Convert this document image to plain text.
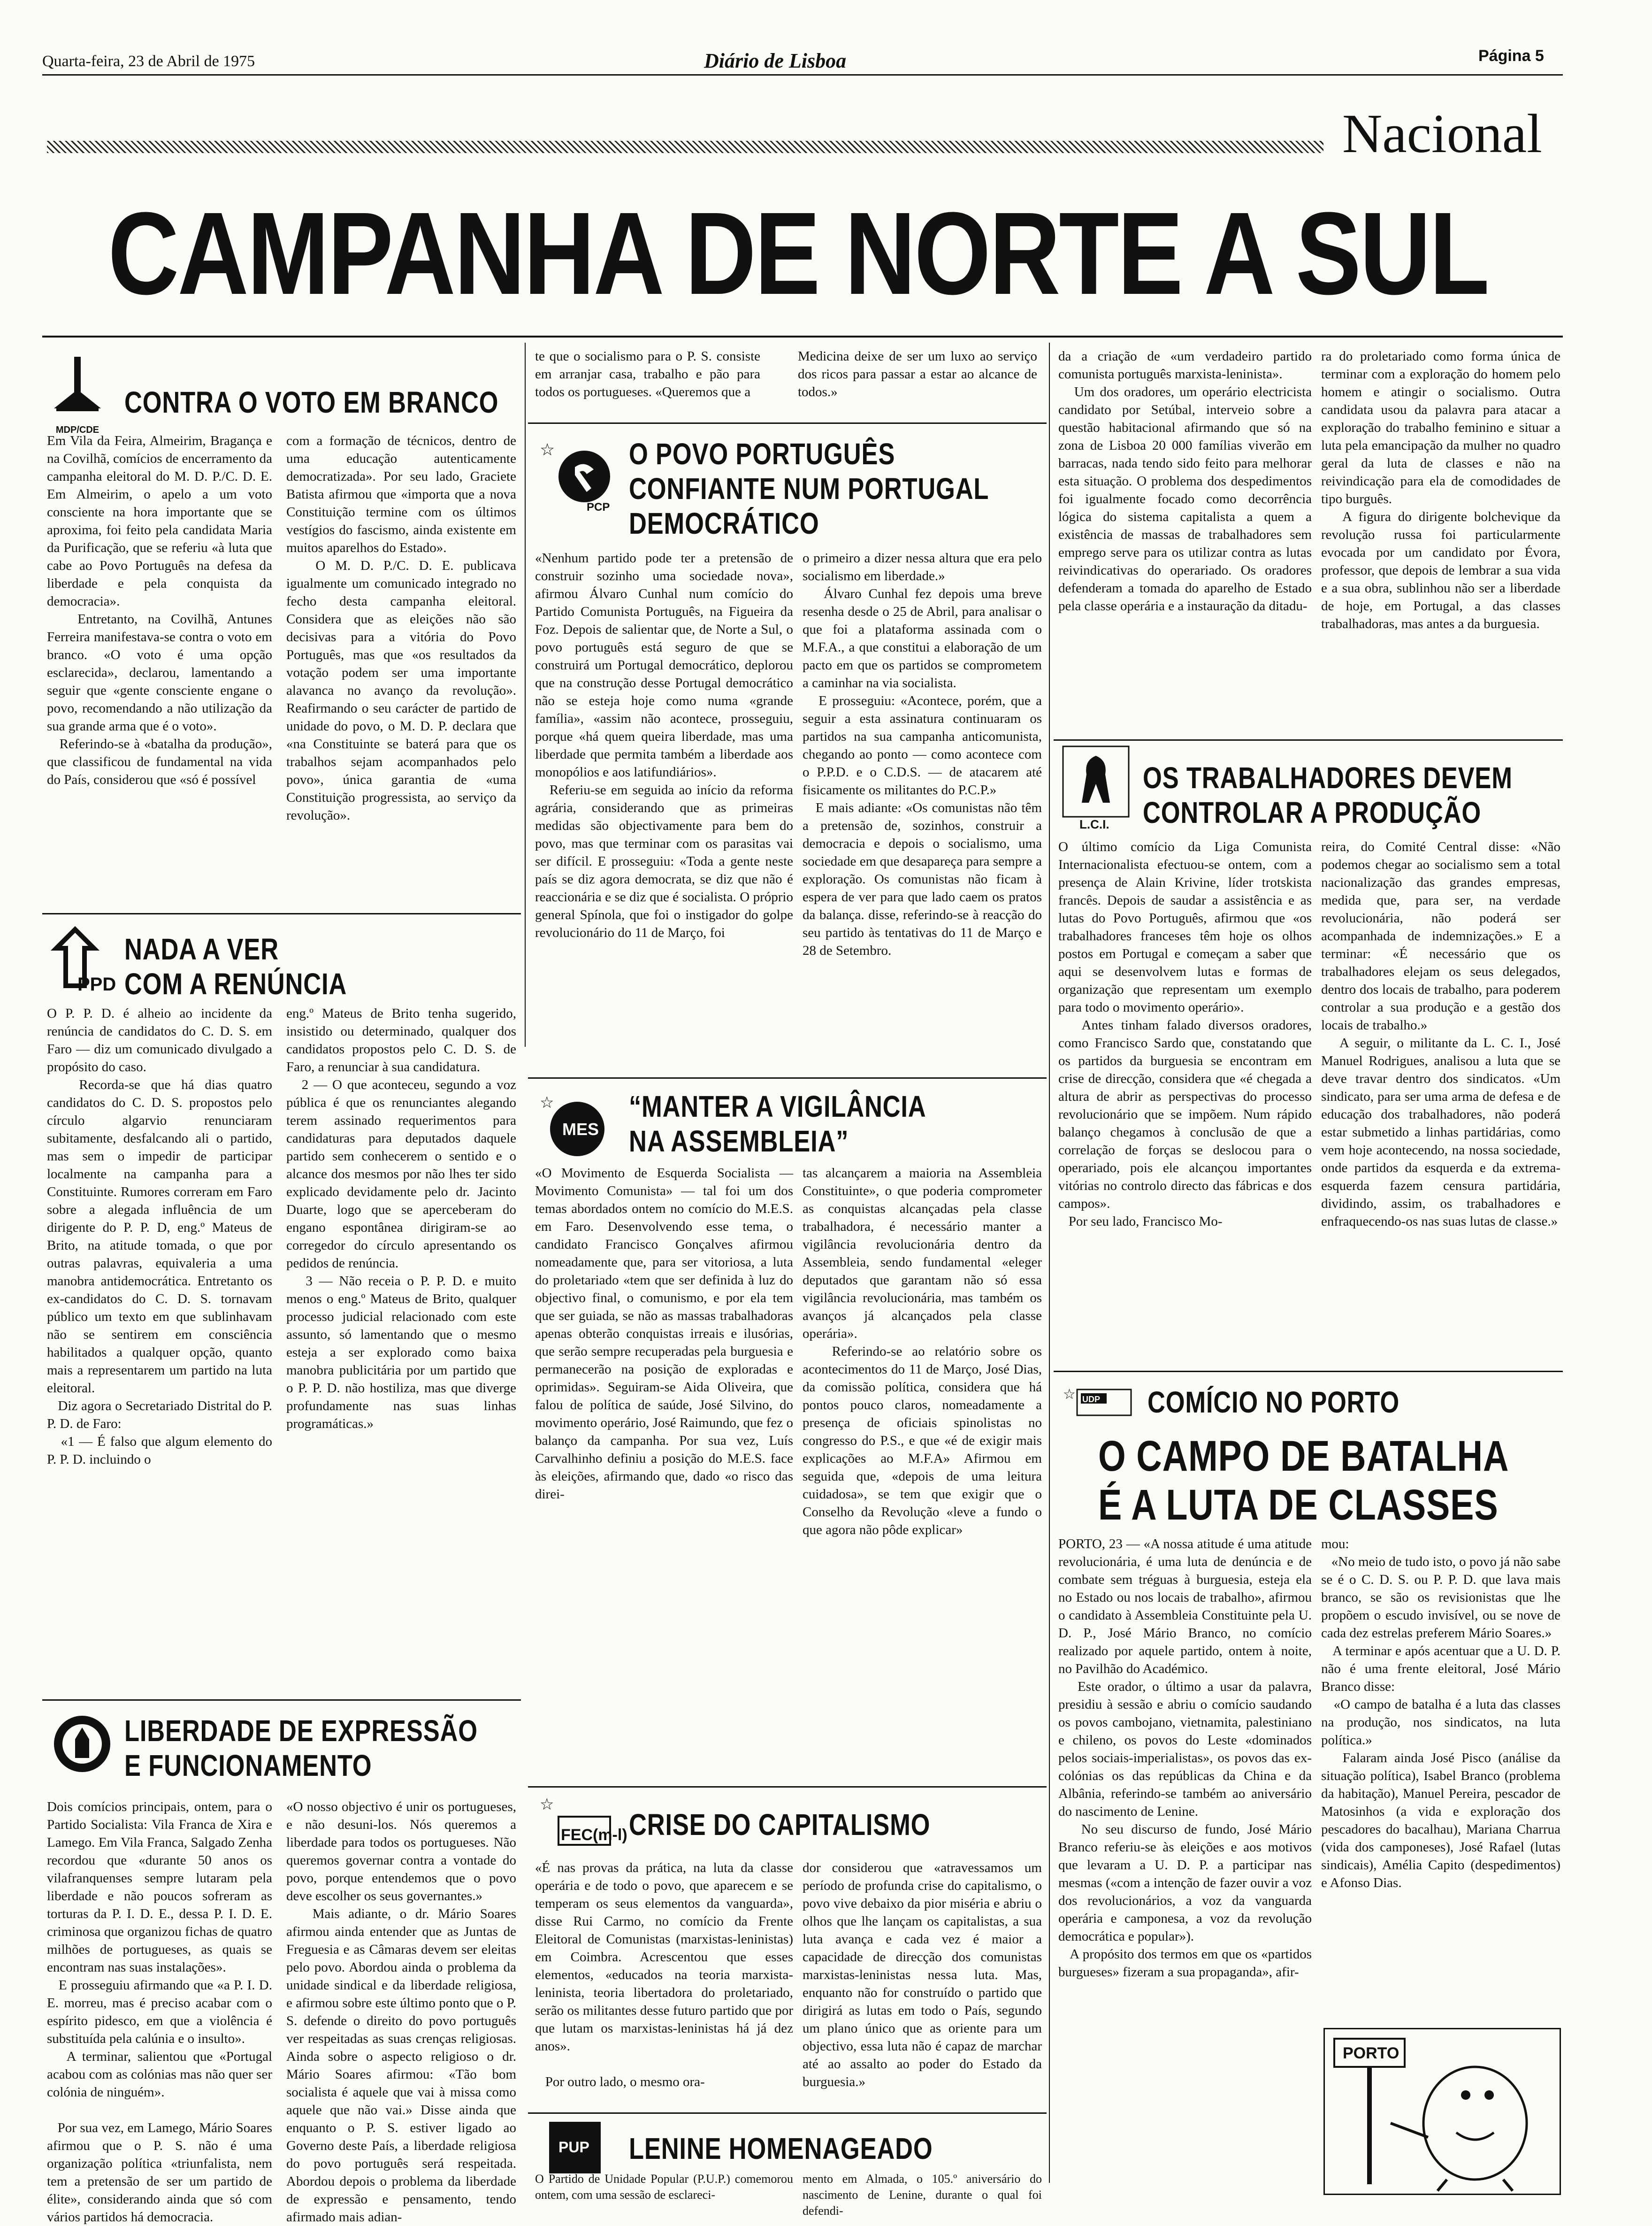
Quarta-feira, 23 de Abril de 1975	Diário de Lisboa	Página 5
Nacional
CAMPANHA DE NORTE A SUL
MDP/CDE
CONTRA O VOTO EM BRANCO
Em Vila da Feira, Almeirim, Bragança e na Covilhã, comícios de encerramento da campanha eleitoral do M. D. P./C. D. E. Em Almeirim, o apelo a um voto consciente na hora importante que se aproxima, foi feito pela candidata Maria da Purificação, que se referiu «à luta que cabe ao Povo Português na defesa da liberdade e pela conquista da democracia».
Entretanto, na Covilhã, Antunes Ferreira manifestava-se contra o voto em branco. «O voto é uma opção esclarecida», declarou, lamentando a seguir que «gente consciente engane o povo, recomendando a não utilização da sua grande arma que é o voto».
Referindo-se à «batalha da produção», que classificou de fundamental na vida do País, considerou que «só é possível
com a formação de técnicos, dentro de uma educação autenticamente democratizada». Por seu lado, Graciete Batista afirmou que «importa que a nova Constituição termine com os últimos vestígios do fascismo, ainda existente em muitos aparelhos do Estado».
O M. D. P./C. D. E. publicava igualmente um comunicado integrado no fecho desta campanha eleitoral. Considera que as eleições não são decisivas para a vitória do Povo Português, mas que «os resultados da votação podem ser uma importante alavanca no avanço da revolução». Reafirmando o seu carácter de partido de unidade do povo, o M. D. P. declara que «na Constituinte se baterá para que os trabalhos sejam acompanhados pelo povo», única garantia de «uma Constituição progressista, ao serviço da revolução».
PPD
NADA A VER
COM A RENÚNCIA
O P. P. D. é alheio ao incidente da renúncia de candidatos do C. D. S. em Faro — diz um comunicado divulgado a propósito do caso.
Recorda-se que há dias quatro candidatos do C. D. S. propostos pelo círculo algarvio renunciaram subitamente, desfalcando ali o partido, mas sem o impedir de participar localmente na campanha para a Constituinte. Rumores correram em Faro sobre a alegada influência de um dirigente do P. P. D, eng.º Mateus de Brito, na atitude tomada, o que por outras palavras, equivaleria a uma manobra antidemocrática. Entretanto os ex-candidatos do C. D. S. tornavam público um texto em que sublinhavam não se sentirem em consciência habilitados a qualquer opção, quanto mais a representarem um partido na luta eleitoral.
Diz agora o Secretariado Distrital do P. P. D. de Faro:
«1 — É falso que algum elemento do P. P. D. incluindo o
eng.º Mateus de Brito tenha sugerido, insistido ou determinado, qualquer dos candidatos propostos pelo C. D. S. de Faro, a renunciar à sua candidatura.
2 — O que aconteceu, segundo a voz pública é que os renunciantes alegando terem assinado requerimentos para candidaturas para deputados daquele partido sem conhecerem o sentido e o alcance dos mesmos por não lhes ter sido explicado devidamente pelo dr. Jacinto Duarte, logo que se aperceberam do engano espontânea dirigiram-se ao corregedor do círculo apresentando os pedidos de renúncia.
3 — Não receia o P. P. D. e muito menos o eng.º Mateus de Brito, qualquer processo judicial relacionado com este assunto, só lamentando que o mesmo esteja a ser explorado como baixa manobra publicitária por um partido que o P. P. D. não hostiliza, mas que diverge profundamente nas suas linhas programáticas.»
LIBERDADE DE EXPRESSÃO
E FUNCIONAMENTO
Dois comícios principais, ontem, para o Partido Socialista: Vila Franca de Xira e Lamego. Em Vila Franca, Salgado Zenha recordou que «durante 50 anos os vilafranquenses sempre lutaram pela liberdade e não poucos sofreram as torturas da P. I. D. E., dessa P. I. D. E. criminosa que organizou fichas de quatro milhões de portugueses, as quais se encontram nas suas instalações».
E prosseguiu afirmando que «a P. I. D. E. morreu, mas é preciso acabar com o espírito pidesco, em que a violência é substituída pela calúnia e o insulto».
A terminar, salientou que «Portugal acabou com as colónias mas não quer ser colónia de ninguém».

Por sua vez, em Lamego, Mário Soares afirmou que o P. S. não é uma organização política «triunfalista, nem tem a pretensão de ser um partido de élite», considerando ainda que só com vários partidos há democracia.
«O nosso objectivo é unir os portugueses, e não desuni-los. Nós queremos a liberdade para todos os portugueses. Não queremos governar contra a vontade do povo, porque entendemos que o povo deve escolher os seus governantes.»
Mais adiante, o dr. Mário Soares afirmou ainda entender que as Juntas de Freguesia e as Câmaras devem ser eleitas pelo povo. Abordou ainda o problema da unidade sindical e da liberdade religiosa, e afirmou sobre este último ponto que o P. S. defende o direito do povo português ver respeitadas as suas crenças religiosas. Ainda sobre o aspecto religioso o dr. Mário Soares afirmou: «Tão bom socialista é aquele que vai à missa como aquele que não vai.» Disse ainda que enquanto o P. S. estiver ligado ao Governo deste País, a liberdade religiosa do povo português será respeitada. Abordou depois o problema da liberdade de expressão e pensamento, tendo afirmado mais adian-
te que o socialismo para o P. S. consiste em arranjar casa, trabalho e pão para todos os portugueses. «Queremos que a
Medicina deixe de ser um luxo ao serviço dos ricos para passar a estar ao alcance de todos.»
☆
PCP
O POVO PORTUGUÊS
CONFIANTE NUM PORTUGAL
DEMOCRÁTICO
«Nenhum partido pode ter a pretensão de construir sozinho uma sociedade nova», afirmou Álvaro Cunhal num comício do Partido Comunista Português, na Figueira da Foz. Depois de salientar que, de Norte a Sul, o povo português está seguro de que se construirá um Portugal democrático, deplorou que na construção desse Portugal democrático não se esteja hoje como numa «grande família», «assim não acontece, prosseguiu, porque «há quem queira liberdade, mas uma liberdade que permita também a liberdade aos monopólios e aos latifundiários».
Referiu-se em seguida ao início da reforma agrária, considerando que as primeiras medidas são objectivamente para bem do povo, mas que terminar com os parasitas vai ser difícil. E prosseguiu: «Toda a gente neste país se diz agora democrata, se diz que não é reaccionária e se diz que é socialista. O próprio general Spínola, que foi o instigador do golpe revolucionário do 11 de Março, foi
o primeiro a dizer nessa altura que era pelo socialismo em liberdade.»
Álvaro Cunhal fez depois uma breve resenha desde o 25 de Abril, para analisar o que foi a plataforma assinada com o M.F.A., a que constitui a elaboração de um pacto em que os partidos se comprometem a caminhar na via socialista.
E prosseguiu: «Acontece, porém, que a seguir a esta assinatura continuaram os partidos na sua campanha anticomunista, chegando ao ponto — como acontece com o P.P.D. e o C.D.S. — de atacarem até fisicamente os militantes do P.C.P.»
E mais adiante: «Os comunistas não têm a pretensão de, sozinhos, construir a democracia e depois o socialismo, uma sociedade em que desapareça para sempre a exploração. Os comunistas não ficam à espera de ver para que lado caem os pratos da balança. disse, referindo-se à reacção do seu partido às tentativas do 11 de Março e 28 de Setembro.
☆
MES
“MANTER A VIGILÂNCIA
NA ASSEMBLEIA”
«O Movimento de Esquerda Socialista — Movimento Comunista» — tal foi um dos temas abordados ontem no comício do M.E.S. em Faro. Desenvolvendo esse tema, o candidato Francisco Gonçalves afirmou nomeadamente que, para ser vitoriosa, a luta do proletariado «tem que ser definida à luz do objectivo final, o comunismo, e por ela tem que ser guiada, se não as massas trabalhadoras apenas obterão conquistas irreais e ilusórias, que serão sempre recuperadas pela burguesia e permanecerão na posição de exploradas e oprimidas». Seguiram-se Aida Oliveira, que falou de política de saúde, José Silvino, do movimento operário, José Raimundo, que fez o balanço da campanha. Por sua vez, Luís Carvalhinho definiu a posição do M.E.S. face às eleições, afirmando que, dado «o risco das direi-
tas alcançarem a maioria na Assembleia Constituinte», o que poderia comprometer as conquistas alcançadas pela classe trabalhadora, é necessário manter a vigilância revolucionária dentro da Assembleia, sendo fundamental «eleger deputados que garantam não só essa vigilância revolucionária, mas também os avanços já alcançados pela classe operária».
Referindo-se ao relatório sobre os acontecimentos do 11 de Março, José Dias, da comissão política, considera que há pontos pouco claros, nomeadamente a presença de oficiais spinolistas no congresso do P.S., e que «é de exigir mais explicações ao M.F.A» Afirmou em seguida que, «depois de uma leitura cuidadosa», se tem que exigir que o Conselho da Revolução «leve a fundo o que agora não pôde explicar»
☆
FEC(m-l) CRISE DO CAPITALISMO
«É nas provas da prática, na luta da classe operária e de todo o povo, que aparecem e se temperam os seus elementos da vanguarda», disse Rui Carmo, no comício da Frente Eleitoral de Comunistas (marxistas-leninistas) em Coimbra. Acrescentou que esses elementos, «educados na teoria marxista-leninista, teoria libertadora do proletariado, serão os militantes desse futuro partido que por que lutam os marxistas-leninistas há já dez anos».

Por outro lado, o mesmo ora-
dor considerou que «atravessamos um período de profunda crise do capitalismo, o povo vive debaixo da pior miséria e abriu o olhos que lhe lançam os capitalistas, a sua luta avança e cada vez é maior a capacidade de direcção dos comunistas marxistas-leninistas nessa luta. Mas, enquanto não for construído o partido que dirigirá as lutas em todo o País, segundo um plano único que as oriente para um objectivo, essa luta não é capaz de marchar até ao assalto ao poder do Estado da burguesia.»
PUP LENINE HOMENAGEADO
O Partido de Unidade Popular (P.U.P.) comemorou ontem, com uma sessão de esclareci-
mento em Almada, o 105.º aniversário do nascimento de Lenine, durante o qual foi defendi-
da a criação de «um verdadeiro partido comunista português marxista-leninista».
Um dos oradores, um operário electricista candidato por Setúbal, interveio sobre a questão habitacional afirmando que só na zona de Lisboa 20 000 famílias viverão em barracas, nada tendo sido feito para melhorar esta situação. O problema dos despedimentos foi igualmente focado como decorrência lógica do sistema capitalista a quem a existência de massas de trabalhadores sem emprego serve para os utilizar contra as lutas reivindicativas do operariado. Os oradores defenderam a tomada do aparelho de Estado pela classe operária e a instauração da ditadu-
ra do proletariado como forma única de terminar com a exploração do homem pelo homem e atingir o socialismo. Outra candidata usou da palavra para atacar a exploração do trabalho feminino e situar a luta pela emancipação da mulher no quadro geral da luta de classes e não na reivindicação para ela de comodidades de tipo burguês.
A figura do dirigente bolchevique da revolução russa foi particularmente evocada por um candidato por Évora, professor, que depois de lembrar a sua vida e a sua obra, sublinhou não ser a liberdade de hoje, em Portugal, a das classes trabalhadoras, mas antes a da burguesia.
L.C.I.
OS TRABALHADORES DEVEM
CONTROLAR A PRODUÇÃO
O último comício da Liga Comunista Internacionalista efectuou-se ontem, com a presença de Alain Krivine, líder trotskista francês. Depois de saudar a assistência e as lutas do Povo Português, afirmou que «os trabalhadores franceses têm hoje os olhos postos em Portugal e começam a saber que aqui se desenvolvem lutas e formas de organização que representam um exemplo para todo o movimento operário».
Antes tinham falado diversos oradores, como Francisco Sardo que, constatando que os partidos da burguesia se encontram em crise de direcção, considera que «é chegada a altura de abrir as perspectivas do processo revolucionário que se impõem. Num rápido balanço chegamos à conclusão de que a correlação de forças se deslocou para o operariado, pois ele alcançou importantes vitórias no controlo directo das fábricas e dos campos».
Por seu lado, Francisco Mo-
reira, do Comité Central disse: «Não podemos chegar ao socialismo sem a total nacionalização das grandes empresas, medida que, para ser, na verdade revolucionária, não poderá ser acompanhada de indemnizações.» E a terminar: «É necessário que os trabalhadores elejam os seus delegados, dentro dos locais de trabalho, para poderem controlar a sua produção e a gestão dos locais de trabalho.»
A seguir, o militante da L. C. I., José Manuel Rodrigues, analisou a luta que se deve travar dentro dos sindicatos. «Um sindicato, para ser uma arma de defesa e de educação dos trabalhadores, não poderá estar submetido a linhas partidárias, como vem hoje acontecendo, na nossa sociedade, onde partidos da esquerda e da extrema-esquerda fazem censura partidária, dividindo, assim, os trabalhadores e enfraquecendo-os nas suas lutas de classe.»
☆ UDP COMÍCIO NO PORTO
O CAMPO DE BATALHA
É A LUTA DE CLASSES
PORTO, 23 — «A nossa atitude é uma atitude revolucionária, é uma luta de denúncia e de combate sem tréguas à burguesia, esteja ela no Estado ou nos locais de trabalho», afirmou o candidato à Assembleia Constituinte pela U. D. P., José Mário Branco, no comício realizado por aquele partido, ontem à noite, no Pavilhão do Académico.
Este orador, o último a usar da palavra, presidiu à sessão e abriu o comício saudando os povos cambojano, vietnamita, palestiniano e chileno, os povos do Leste «dominados pelos sociais-imperialistas», os povos das ex-colónias os das repúblicas da China e da Albânia, referindo-se também ao aniversário do nascimento de Lenine.
No seu discurso de fundo, José Mário Branco referiu-se às eleições e aos motivos que levaram a U. D. P. a participar nas mesmas («com a intenção de fazer ouvir a voz dos revolucionários, a voz da vanguarda operária e camponesa, a voz da revolução democrática e popular»).
A propósito dos termos em que os «partidos burgueses» fizeram a sua propaganda», afir-
mou:
«No meio de tudo isto, o povo já não sabe se é o C. D. S. ou P. P. D. que lava mais branco, se são os revisionistas que lhe propõem o escudo invisível, ou se nove de cada dez estrelas preferem Mário Soares.»
A terminar e após acentuar que a U. D. P. não é uma frente eleitoral, José Mário Branco disse:
«O campo de batalha é a luta das classes na produção, nos sindicatos, na luta política.»
Falaram ainda José Pisco (análise da situação política), Isabel Branco (problema da habitação), Manuel Pereira, pescador de Matosinhos (a vida e exploração dos pescadores do bacalhau), Mariana Charrua (vida dos camponeses), José Rafael (lutas sindicais), Amélia Capito (despedimentos) e Afonso Dias.
PORTO
